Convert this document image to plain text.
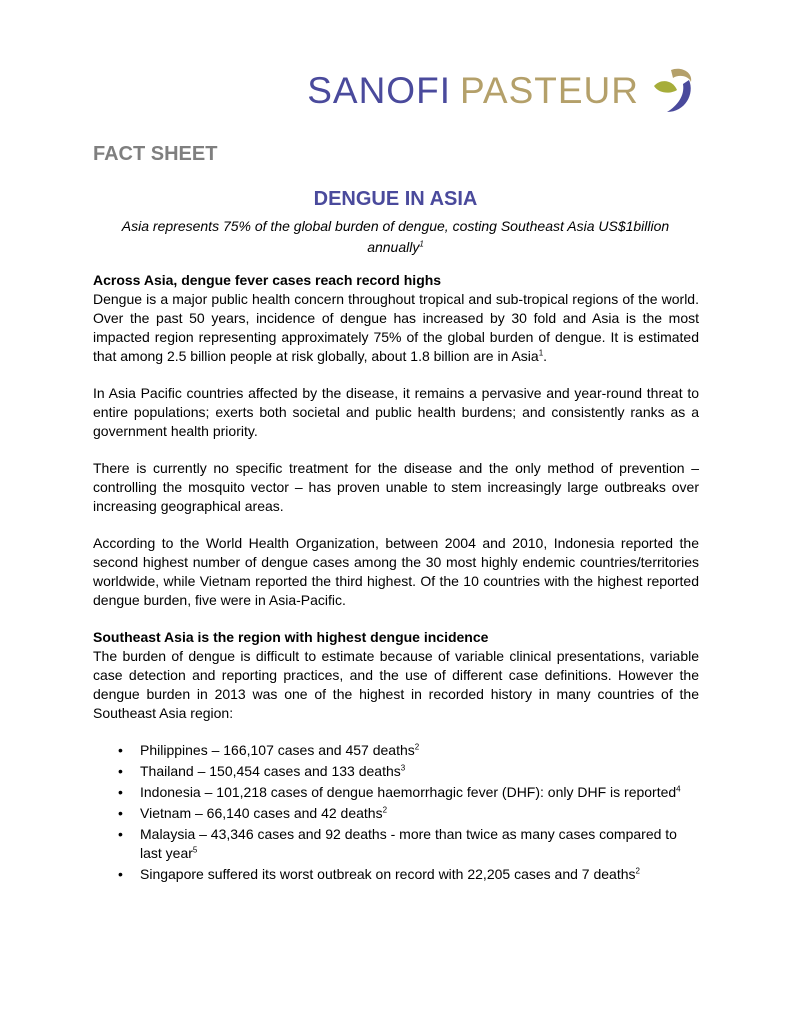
SANOFI PASTEUR
FACT SHEET
DENGUE IN ASIA
Asia represents 75% of the global burden of dengue, costing Southeast Asia US$1billion annually$^1$
Across Asia, dengue fever cases reach record highs

Dengue is a major public health concern throughout tropical and sub-tropical regions of the world. Over the past 50 years, incidence of dengue has increased by 30 fold and Asia is the most impacted region representing approximately 75% of the global burden of dengue. It is estimated that among 2.5 billion people at risk globally, about 1.8 billion are in Asia$^1$.

In Asia Pacific countries affected by the disease, it remains a pervasive and year-round threat to entire populations; exerts both societal and public health burdens; and consistently ranks as a government health priority.

There is currently no specific treatment for the disease and the only method of prevention – controlling the mosquito vector – has proven unable to stem increasingly large outbreaks over increasing geographical areas.

According to the World Health Organization, between 2004 and 2010, Indonesia reported the second highest number of dengue cases among the 30 most highly endemic countries/territories worldwide, while Vietnam reported the third highest. Of the 10 countries with the highest reported dengue burden, five were in Asia-Pacific.

Southeast Asia is the region with highest dengue incidence

The burden of dengue is difficult to estimate because of variable clinical presentations, variable case detection and reporting practices, and the use of different case definitions. However the dengue burden in 2013 was one of the highest in recorded history in many countries of the Southeast Asia region:

• Philippines – 166,107 cases and 457 deaths$^2$
• Thailand – 150,454 cases and 133 deaths$^3$
• Indonesia – 101,218 cases of dengue haemorrhagic fever (DHF): only DHF is reported$^4$
• Vietnam – 66,140 cases and 42 deaths$^2$
• Malaysia – 43,346 cases and 92 deaths - more than twice as many cases compared to last year$^5$
• Singapore suffered its worst outbreak on record with 22,205 cases and 7 deaths$^2$
